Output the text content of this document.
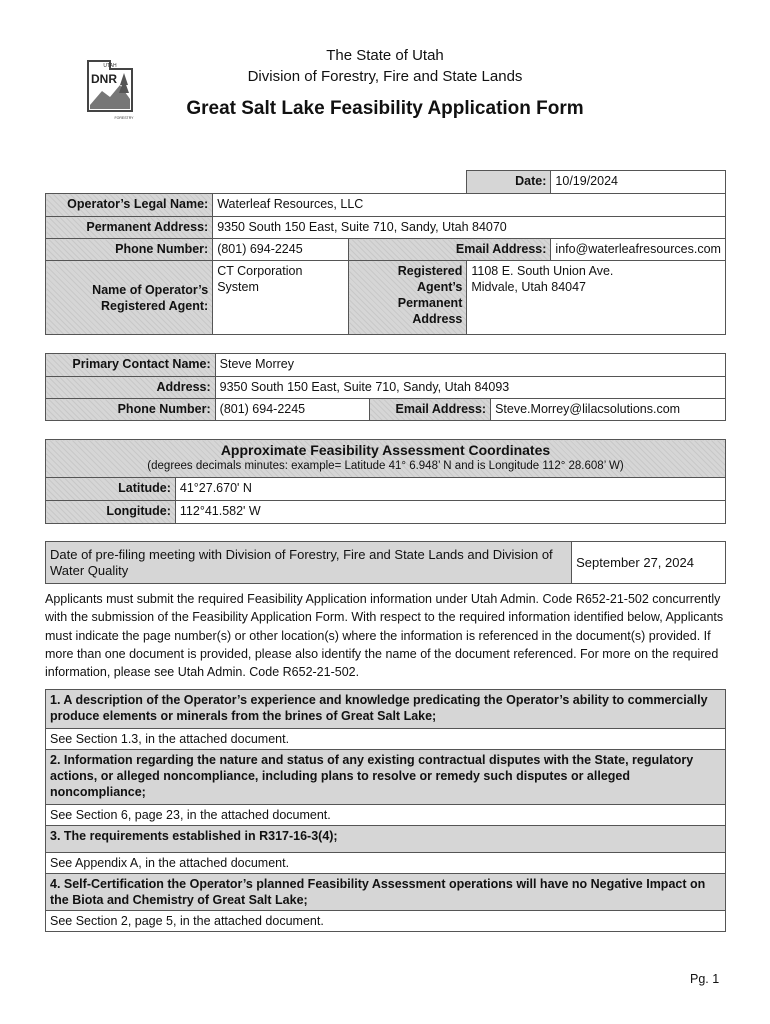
UTAH
DNR
FORESTRY
The State of Utah
Division of Forestry, Fire and State Lands
Great Salt Lake Feasibility Application Form
			Date:	10/19/2024
Operator’s Legal Name:	Waterleaf Resources, LLC			
Permanent Address:	9350 South 150 East, Suite 710, Sandy, Utah 84070			
Phone Number:	(801) 694-2245	Email Address:		info@waterleafresources.com
Name of Operator’s Registered Agent:	CT Corporation System	Registered Agent’s Permanent Address	1108 E. South Union Ave.
Midvale, Utah 84047	
Primary Contact Name:	Steve Morrey		
Address:	9350 South 150 East, Suite 710, Sandy, Utah 84093		
Phone Number:	(801) 694-2245	Email Address:	Steve.Morrey@lilacsolutions.com
Approximate Feasibility Assessment Coordinates
(degrees decimals minutes: example= Latitude 41° 6.948’ N and is Longitude 112° 28.608’ W)	

Latitude:	41°27.670' N
Longitude:	112°41.582' W
Date of pre-filing meeting with Division of Forestry, Fire and State Lands and Division of Water Quality	September 27, 2024
Applicants must submit the required Feasibility Application information under Utah Admin. Code R652-21-502 concurrently with the submission of the Feasibility Application Form. With respect to the required information identified below, Applicants must indicate the page number(s) or other location(s) where the information is referenced in the document(s) provided. If more than one document is provided, please also identify the name of the document referenced. For more on the required information, please see Utah Admin. Code R652-21-502.
1. A description of the Operator’s experience and knowledge predicating the Operator’s ability to commercially produce elements or minerals from the brines of Great Salt Lake;
See Section 1.3, in the attached document.
2. Information regarding the nature and status of any existing contractual disputes with the State, regulatory actions, or alleged noncompliance, including plans to resolve or remedy such disputes or alleged noncompliance;
See Section 6, page 23, in the attached document.
3. The requirements established in R317-16-3(4);
See Appendix A, in the attached document.
4. Self-Certification the Operator’s planned Feasibility Assessment operations will have no Negative Impact on the Biota and Chemistry of Great Salt Lake;
See Section 2, page 5, in the attached document.
Pg. 1
